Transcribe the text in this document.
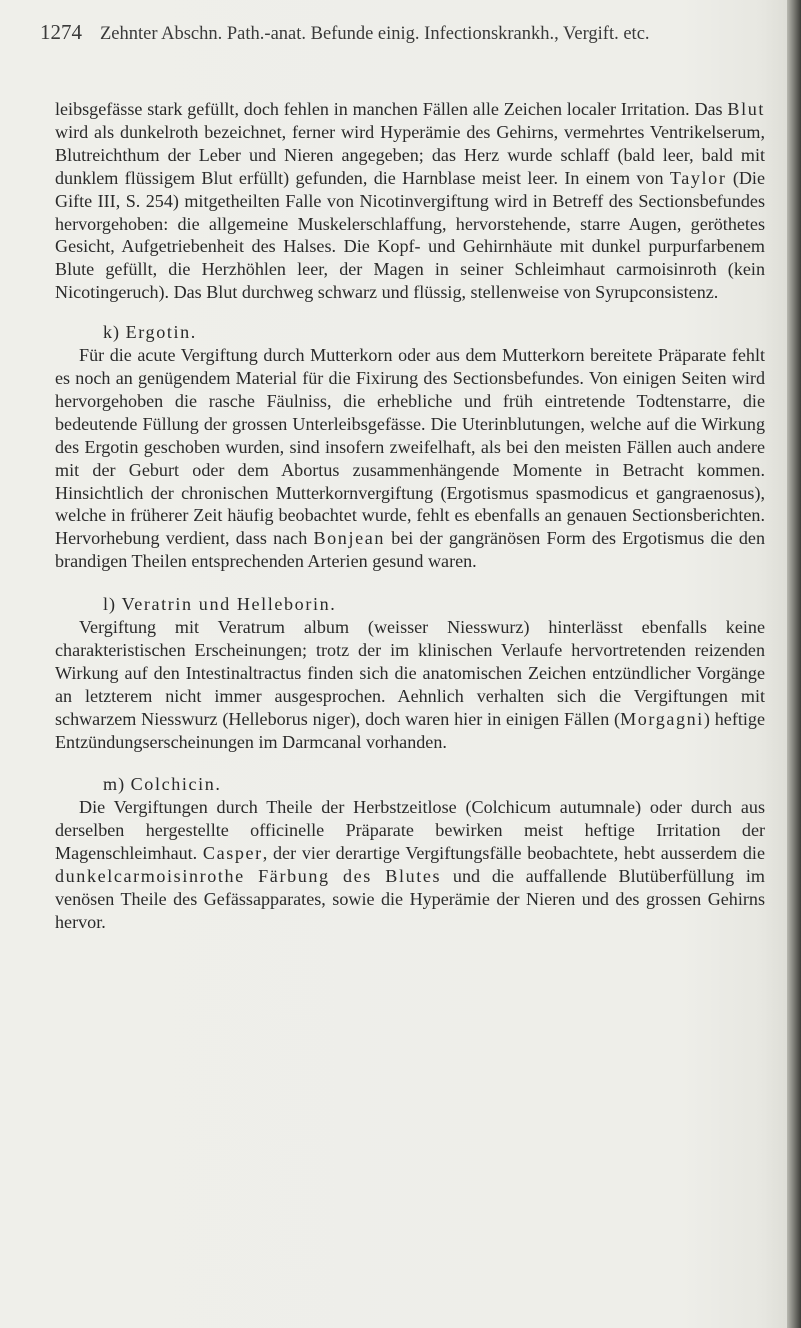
1274 Zehnter Abschn. Path.-anat. Befunde einig. Infectionskrankh., Vergift. etc.

leibsgefässe stark gefüllt, doch fehlen in manchen Fällen alle Zeichen localer Irritation. Das Blut wird als dunkelroth bezeichnet, ferner wird Hyperämie des Gehirns, vermehrtes Ventrikelserum, Blutreichthum der Leber und Nieren angegeben; das Herz wurde schlaff (bald leer, bald mit dunklem flüssigem Blut erfüllt) gefunden, die Harnblase meist leer. In einem von Taylor (Die Gifte III, S. 254) mitgetheilten Falle von Nicotinvergiftung wird in Betreff des Sectionsbefundes hervorgehoben: die allgemeine Muskelerschlaffung, hervorstehende, starre Augen, geröthetes Gesicht, Aufgetriebenheit des Halses. Die Kopf- und Gehirnhäute mit dunkel purpurfarbenem Blute gefüllt, die Herzhöhlen leer, der Magen in seiner Schleimhaut carmoisinroth (kein Nicotingeruch). Das Blut durchweg schwarz und flüssig, stellenweise von Syrupconsistenz.

k) Ergotin.

Für die acute Vergiftung durch Mutterkorn oder aus dem Mutterkorn bereitete Präparate fehlt es noch an genügendem Material für die Fixirung des Sectionsbefundes. Von einigen Seiten wird hervorgehoben die rasche Fäulniss, die erhebliche und früh eintretende Todtenstarre, die bedeutende Füllung der grossen Unterleibsgefässe. Die Uterinblutungen, welche auf die Wirkung des Ergotin geschoben wurden, sind insofern zweifelhaft, als bei den meisten Fällen auch andere mit der Geburt oder dem Abortus zusammenhängende Momente in Betracht kommen. Hinsichtlich der chronischen Mutterkornvergiftung (Ergotismus spasmodicus et gangraenosus), welche in früherer Zeit häufig beobachtet wurde, fehlt es ebenfalls an genauen Sectionsberichten. Hervorhebung verdient, dass nach Bonjean bei der gangränösen Form des Ergotismus die den brandigen Theilen entsprechenden Arterien gesund waren.

l) Veratrin und Helleborin.

Vergiftung mit Veratrum album (weisser Niesswurz) hinterlässt ebenfalls keine charakteristischen Erscheinungen; trotz der im klinischen Verlaufe hervortretenden reizenden Wirkung auf den Intestinaltractus finden sich die anatomischen Zeichen entzündlicher Vorgänge an letzterem nicht immer ausgesprochen. Aehnlich verhalten sich die Vergiftungen mit schwarzem Niesswurz (Helleborus niger), doch waren hier in einigen Fällen (Morgagni) heftige Entzündungserscheinungen im Darmcanal vorhanden.

m) Colchicin.

Die Vergiftungen durch Theile der Herbstzeitlose (Colchicum autumnale) oder durch aus derselben hergestellte officinelle Präparate bewirken meist heftige Irritation der Magenschleimhaut. Casper, der vier derartige Vergiftungsfälle beobachtete, hebt ausserdem die dunkelcarmoisinrothe Färbung des Blutes und die auffallende Blutüberfüllung im venösen Theile des Gefässapparates, sowie die Hyperämie der Nieren und des grossen Gehirns hervor.
